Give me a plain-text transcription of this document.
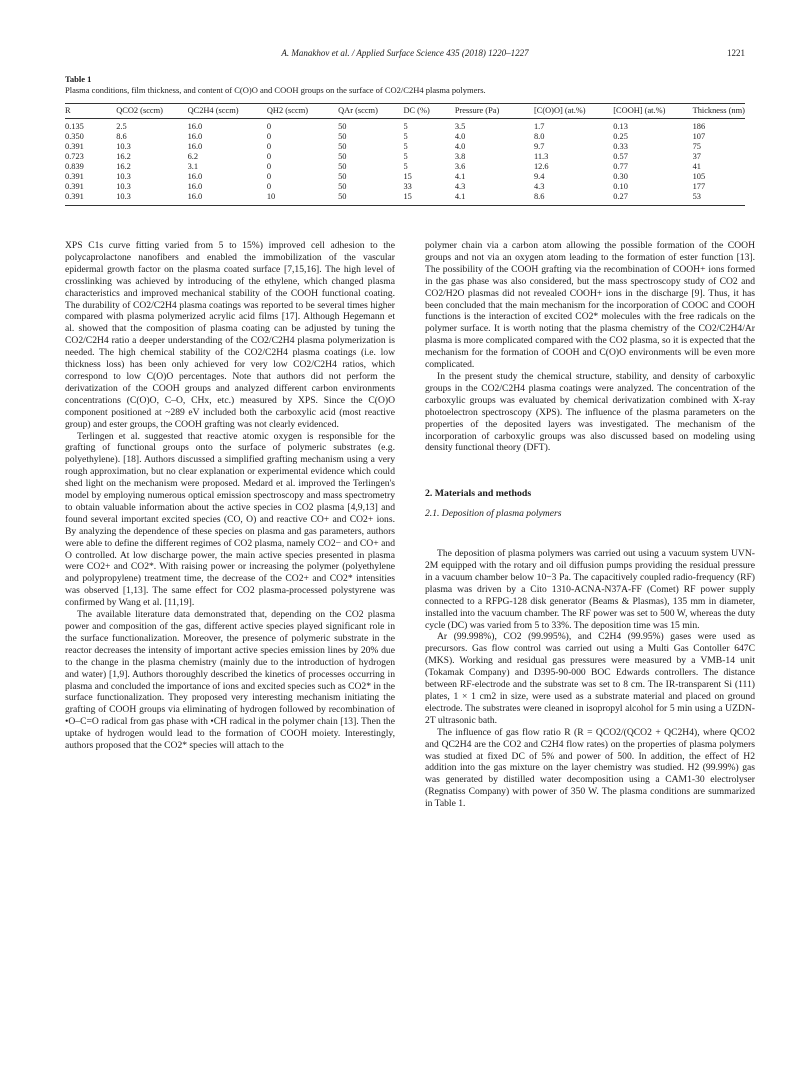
A. Manakhov et al. / Applied Surface Science 435 (2018) 1220–1227	1221
Table 1
Plasma conditions, film thickness, and content of C(O)O and COOH groups on the surface of CO2/C2H4 plasma polymers.
R	QCO2 (sccm)	QC2H4 (sccm)	QH2 (sccm)	QAr (sccm)	DC (%)	Pressure (Pa)	[C(O)O] (at.%)	[COOH] (at.%)	Thickness (nm)
0.135	2.5	16.0	0	50	5	3.5	1.7	0.13	186
0.350	8.6	16.0	0	50	5	4.0	8.0	0.25	107
0.391	10.3	16.0	0	50	5	4.0	9.7	0.33	75
0.723	16.2	6.2	0	50	5	3.8	11.3	0.57	37
0.839	16.2	3.1	0	50	5	3.6	12.6	0.77	41
0.391	10.3	16.0	0	50	15	4.1	9.4	0.30	105
0.391	10.3	16.0	0	50	33	4.3	4.3	0.10	177
0.391	10.3	16.0	10	50	15	4.1	8.6	0.27	53

XPS C1s curve fitting varied from 5 to 15%) improved cell adhesion to the polycaprolactone nanofibers and enabled the immobilization of the vascular epidermal growth factor on the plasma coated surface [7,15,16]. The high level of crosslinking was achieved by introducing of the ethylene, which changed plasma characteristics and improved mechanical stability of the COOH functional coating. The durability of CO2/C2H4 plasma coatings was reported to be several times higher compared with plasma polymerized acrylic acid films [17]. Although Hegemann et al. showed that the composition of plasma coating can be adjusted by tuning the CO2/C2H4 ratio a deeper understanding of the CO2/C2H4 plasma polymerization is needed. The high chemical stability of the CO2/C2H4 plasma coatings (i.e. low thickness loss) has been only achieved for very low CO2/C2H4 ratios, which correspond to low C(O)O percentages. Note that authors did not perform the derivatization of the COOH groups and analyzed different carbon environments concentrations (C(O)O, C–O, CHx, etc.) measured by XPS. Since the C(O)O component positioned at ~289 eV included both the carboxylic acid (most reactive group) and ester groups, the COOH grafting was not clearly evidenced.

Terlingen et al. suggested that reactive atomic oxygen is responsible for the grafting of functional groups onto the surface of polymeric substrates (e.g. polyethylene). [18]. Authors discussed a simplified grafting mechanism using a very rough approximation, but no clear explanation or experimental evidence which could shed light on the mechanism were proposed. Medard et al. improved the Terlingen's model by employing numerous optical emission spectroscopy and mass spectrometry to obtain valuable information about the active species in CO2 plasma [4,9,13] and found several important excited species (CO, O) and reactive CO+ and CO2+ ions. By analyzing the dependence of these species on plasma and gas parameters, authors were able to define the different regimes of CO2 plasma, namely CO2− and CO+ and O controlled. At low discharge power, the main active species presented in plasma were CO2+ and CO2*. With raising power or increasing the polymer (polyethylene and polypropylene) treatment time, the decrease of the CO2+ and CO2* intensities was observed [1,13]. The same effect for CO2 plasma-processed polystyrene was confirmed by Wang et al. [11,19].

The available literature data demonstrated that, depending on the CO2 plasma power and composition of the gas, different active species played significant role in the surface functionalization. Moreover, the presence of polymeric substrate in the reactor decreases the intensity of important active species emission lines by 20% due to the change in the plasma chemistry (mainly due to the introduction of hydrogen and water) [1,9]. Authors thoroughly described the kinetics of processes occurring in plasma and concluded the importance of ions and excited species such as CO2* in the surface functionalization. They proposed very interesting mechanism initiating the grafting of COOH groups via eliminating of hydrogen followed by recombination of •O–C=O radical from gas phase with •CH radical in the polymer chain [13]. Then the uptake of hydrogen would lead to the formation of COOH moiety. Interestingly, authors proposed that the CO2* species will attach to the

polymer chain via a carbon atom allowing the possible formation of the COOH groups and not via an oxygen atom leading to the formation of ester function [13]. The possibility of the COOH grafting via the recombination of COOH+ ions formed in the gas phase was also considered, but the mass spectroscopy study of CO2 and CO2/H2O plasmas did not revealed COOH+ ions in the discharge [9]. Thus, it has been concluded that the main mechanism for the incorporation of COOC and COOH functions is the interaction of excited CO2* molecules with the free radicals on the polymer surface. It is worth noting that the plasma chemistry of the CO2/C2H4/Ar plasma is more complicated compared with the CO2 plasma, so it is expected that the mechanism for the formation of COOH and C(O)O environments will be even more complicated.

In the present study the chemical structure, stability, and density of carboxylic groups in the CO2/C2H4 plasma coatings were analyzed. The concentration of the carboxylic groups was evaluated by chemical derivatization combined with X-ray photoelectron spectroscopy (XPS). The influence of the plasma parameters on the properties of the deposited layers was investigated. The mechanism of the incorporation of carboxylic groups was also discussed based on modeling using density functional theory (DFT).

2. Materials and methods
2.1. Deposition of plasma polymers

The deposition of plasma polymers was carried out using a vacuum system UVN-2M equipped with the rotary and oil diffusion pumps providing the residual pressure in a vacuum chamber below 10−3 Pa. The capacitively coupled radio-frequency (RF) plasma was driven by a Cito 1310-ACNA-N37A-FF (Comet) RF power supply connected to a RFPG-128 disk generator (Beams & Plasmas), 135 mm in diameter, installed into the vacuum chamber. The RF power was set to 500 W, whereas the duty cycle (DC) was varied from 5 to 33%. The deposition time was 15 min.

Ar (99.998%), CO2 (99.995%), and C2H4 (99.95%) gases were used as precursors. Gas flow control was carried out using a Multi Gas Contoller 647C (MKS). Working and residual gas pressures were measured by a VMB-14 unit (Tokamak Company) and D395-90-000 BOC Edwards controllers. The distance between RF-electrode and the substrate was set to 8 cm. The IR-transparent Si (111) plates, 1 × 1 cm2 in size, were used as a substrate material and placed on ground electrode. The substrates were cleaned in isopropyl alcohol for 5 min using a UZDN-2T ultrasonic bath.

The influence of gas flow ratio R (R = QCO2/(QCO2 + QC2H4), where QCO2 and QC2H4 are the CO2 and C2H4 flow rates) on the properties of plasma polymers was studied at fixed DC of 5% and power of 500. In addition, the effect of H2 addition into the gas mixture on the layer chemistry was studied. H2 (99.99%) gas was generated by distilled water decomposition using a CAM1-30 electrolyser (Regnatiss Company) with power of 350 W. The plasma conditions are summarized in Table 1.
